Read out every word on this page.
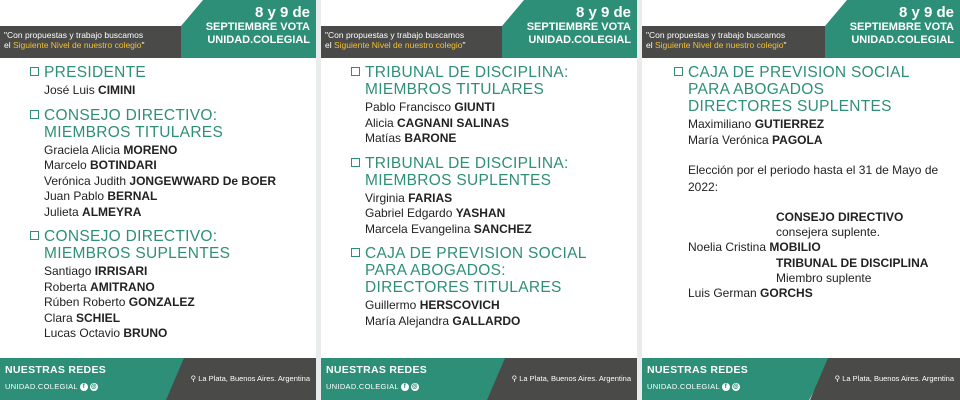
"Con propuestas y trabajo buscamos
el Siguiente Nivel de nuestro colegio"
8 y 9 de
SEPTIEMBRE VOTA
UNIDAD.COLEGIAL
PRESIDENTE
José Luis CIMINI
CONSEJO DIRECTIVO:
MIEMBROS TITULARES
Graciela Alicia MORENO
Marcelo BOTINDARI
Verónica Judith JONGEWWARD De BOER
Juan Pablo BERNAL
Julieta ALMEYRA
CONSEJO DIRECTIVO:
MIEMBROS SUPLENTES
Santiago IRRISARI
Roberta AMITRANO
Rúben Roberto GONZALEZ
Clara SCHIEL
Lucas Octavio BRUNO
NUESTRAS REDES
UNIDAD.COLEGIAL f ◎
⚲ La Plata, Buenos Aires. Argentina
"Con propuestas y trabajo buscamos
el Siguiente Nivel de nuestro colegio"
8 y 9 de
SEPTIEMBRE VOTA
UNIDAD.COLEGIAL
TRIBUNAL DE DISCIPLINA:
MIEMBROS TITULARES
Pablo Francisco GIUNTI
Alicia CAGNANI SALINAS
Matías BARONE
TRIBUNAL DE DISCIPLINA:
MIEMBROS SUPLENTES
Virginia FARIAS
Gabriel Edgardo YASHAN
Marcela Evangelina SANCHEZ
CAJA DE PREVISION SOCIAL
PARA ABOGADOS:
DIRECTORES TITULARES
Guillermo HERSCOVICH
María Alejandra GALLARDO
NUESTRAS REDES
UNIDAD.COLEGIAL f ◎
⚲ La Plata, Buenos Aires. Argentina
"Con propuestas y trabajo buscamos
el Siguiente Nivel de nuestro colegio"
8 y 9 de
SEPTIEMBRE VOTA
UNIDAD.COLEGIAL
CAJA DE PREVISION SOCIAL
PARA ABOGADOS
DIRECTORES SUPLENTES
Maximiliano GUTIERREZ
María Verónica PAGOLA
Elección por el periodo hasta el 31 de Mayo de
2022:
CONSEJO DIRECTIVO
consejera suplente.
Noelia Cristina MOBILIO
TRIBUNAL DE DISCIPLINA
Miembro suplente
Luis German GORCHS
NUESTRAS REDES
UNIDAD.COLEGIAL f ◎
⚲ La Plata, Buenos Aires. Argentina
